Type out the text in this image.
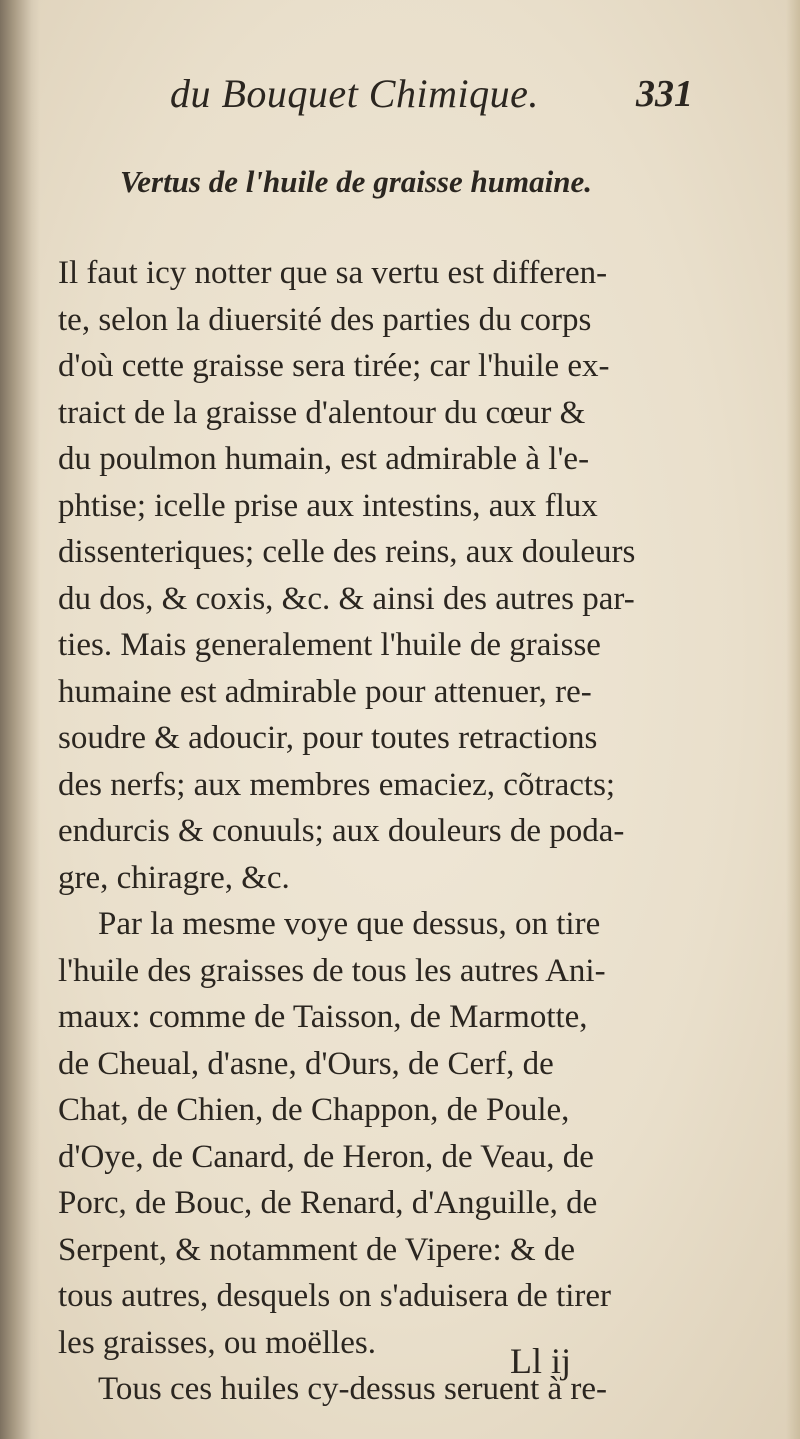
du Bouquet Chimique.	331
Vertus de l'huile de graisse humaine.
Il faut icy notter que sa vertu est differen-
te, selon la diuersité des parties du corps
d'où cette graisse sera tirée; car l'huile ex-
traict de la graisse d'alentour du cœur &
du poulmon humain, est admirable à l'e-
phtise; icelle prise aux intestins, aux flux
dissenteriques; celle des reins, aux douleurs
du dos, & coxis, &c. & ainsi des autres par-
ties. Mais generalement l'huile de graisse
humaine est admirable pour attenuer, re-
soudre & adoucir, pour toutes retractions
des nerfs; aux membres emaciez, cõtracts;
endurcis & conuuls; aux douleurs de poda-
gre, chiragre, &c.
Par la mesme voye que dessus, on tire
l'huile des graisses de tous les autres Ani-
maux: comme de Taisson, de Marmotte,
de Cheual, d'asne, d'Ours, de Cerf, de
Chat, de Chien, de Chappon, de Poule,
d'Oye, de Canard, de Heron, de Veau, de
Porc, de Bouc, de Renard, d'Anguille, de
Serpent, & notamment de Vipere: & de
tous autres, desquels on s'aduisera de tirer
les graisses, ou moëlles.
Tous ces huiles cy-dessus seruent à re-
Ll ij
